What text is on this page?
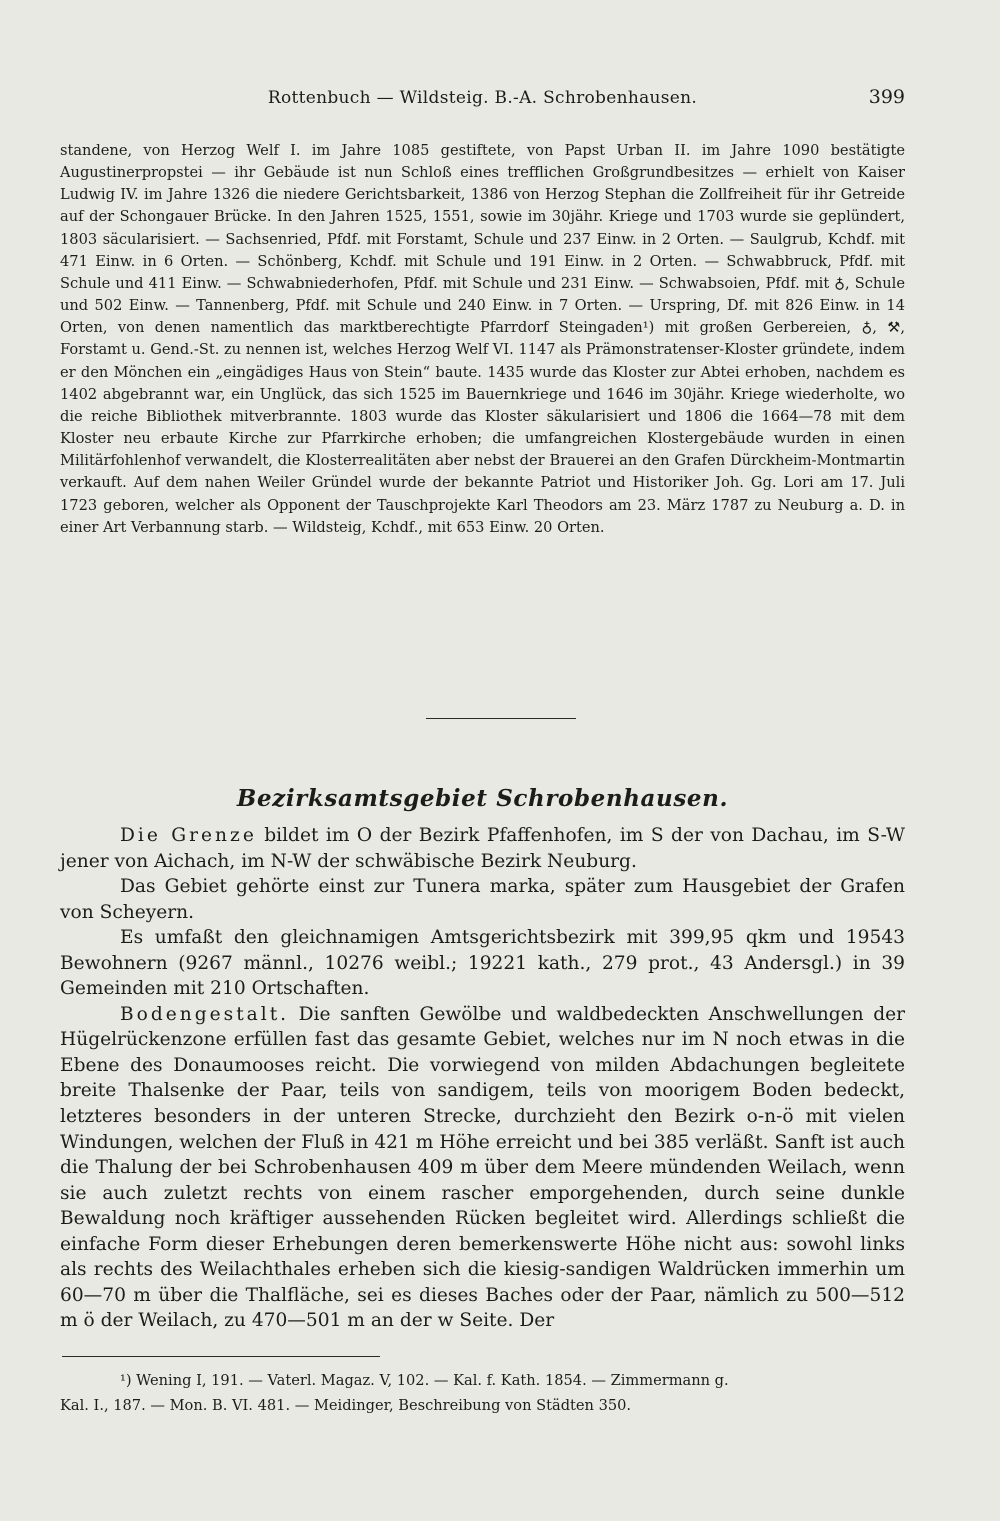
Rottenbuch — Wildsteig. B.-A. Schrobenhausen.	399

standene, von Herzog Welf I. im Jahre 1085 gestiftete, von Papst Urban II. im Jahre 1090 bestätigte Augustinerpropstei — ihr Gebäude ist nun Schloß eines trefflichen Großgrundbesitzes — erhielt von Kaiser Ludwig IV. im Jahre 1326 die niedere Gerichtsbarkeit, 1386 von Herzog Stephan die Zollfreiheit für ihr Getreide auf der Schongauer Brücke. In den Jahren 1525, 1551, sowie im 30jähr. Kriege und 1703 wurde sie geplündert, 1803 säcularisiert. — Sachsenried, Pfdf. mit Forstamt, Schule und 237 Einw. in 2 Orten. — Saulgrub, Kchdf. mit 471 Einw. in 6 Orten. — Schönberg, Kchdf. mit Schule und 191 Einw. in 2 Orten. — Schwabbruck, Pfdf. mit Schule und 411 Einw. — Schwabniederhofen, Pfdf. mit Schule und 231 Einw. — Schwabsoien, Pfdf. mit ♁, Schule und 502 Einw. — Tannenberg, Pfdf. mit Schule und 240 Einw. in 7 Orten. — Urspring, Df. mit 826 Einw. in 14 Orten, von denen namentlich das marktberechtigte Pfarrdorf Steingaden¹) mit großen Gerbereien, ♁, ⚒, Forstamt u. Gend.-St. zu nennen ist, welches Herzog Welf VI. 1147 als Prämonstratenser-Kloster gründete, indem er den Mönchen ein „eingädiges Haus von Stein“ baute. 1435 wurde das Kloster zur Abtei erhoben, nachdem es 1402 abgebrannt war, ein Unglück, das sich 1525 im Bauernkriege und 1646 im 30jähr. Kriege wiederholte, wo die reiche Bibliothek mitverbrannte. 1803 wurde das Kloster säkularisiert und 1806 die 1664—78 mit dem Kloster neu erbaute Kirche zur Pfarrkirche erhoben; die umfangreichen Klostergebäude wurden in einen Militärfohlenhof verwandelt, die Klosterrealitäten aber nebst der Brauerei an den Grafen Dürckheim-Montmartin verkauft. Auf dem nahen Weiler Gründel wurde der bekannte Patriot und Historiker Joh. Gg. Lori am 17. Juli 1723 geboren, welcher als Opponent der Tauschprojekte Karl Theodors am 23. März 1787 zu Neuburg a. D. in einer Art Verbannung starb. — Wildsteig, Kchdf., mit 653 Einw. 20 Orten.

Bezirksamtsgebiet Schrobenhausen.

Die Grenze bildet im O der Bezirk Pfaffenhofen, im S der von Dachau, im S-W jener von Aichach, im N-W der schwäbische Bezirk Neuburg.

Das Gebiet gehörte einst zur Tunera marka, später zum Hausgebiet der Grafen von Scheyern.

Es umfaßt den gleichnamigen Amtsgerichtsbezirk mit 399,95 qkm und 19543 Bewohnern (9267 männl., 10276 weibl.; 19221 kath., 279 prot., 43 Andersgl.) in 39 Gemeinden mit 210 Ortschaften.

Bodengestalt. Die sanften Gewölbe und waldbedeckten Anschwellungen der Hügelrückenzone erfüllen fast das gesamte Gebiet, welches nur im N noch etwas in die Ebene des Donaumooses reicht. Die vorwiegend von milden Abdachungen begleitete breite Thalsenke der Paar, teils von sandigem, teils von moorigem Boden bedeckt, letzteres besonders in der unteren Strecke, durchzieht den Bezirk o-n-ö mit vielen Windungen, welchen der Fluß in 421 m Höhe erreicht und bei 385 verläßt. Sanft ist auch die Thalung der bei Schrobenhausen 409 m über dem Meere mündenden Weilach, wenn sie auch zuletzt rechts von einem rascher emporgehenden, durch seine dunkle Bewaldung noch kräftiger aussehenden Rücken begleitet wird. Allerdings schließt die einfache Form dieser Erhebungen deren bemerkenswerte Höhe nicht aus: sowohl links als rechts des Weilachthales erheben sich die kiesig-sandigen Waldrücken immerhin um 60—70 m über die Thalfläche, sei es dieses Baches oder der Paar, nämlich zu 500—512 m ö der Weilach, zu 470—501 m an der w Seite. Der

¹) Wening I, 191. — Vaterl. Magaz. V, 102. — Kal. f. Kath. 1854. — Zimmermann g.
Kal. I., 187. — Mon. B. VI. 481. — Meidinger, Beschreibung von Städten 350.
